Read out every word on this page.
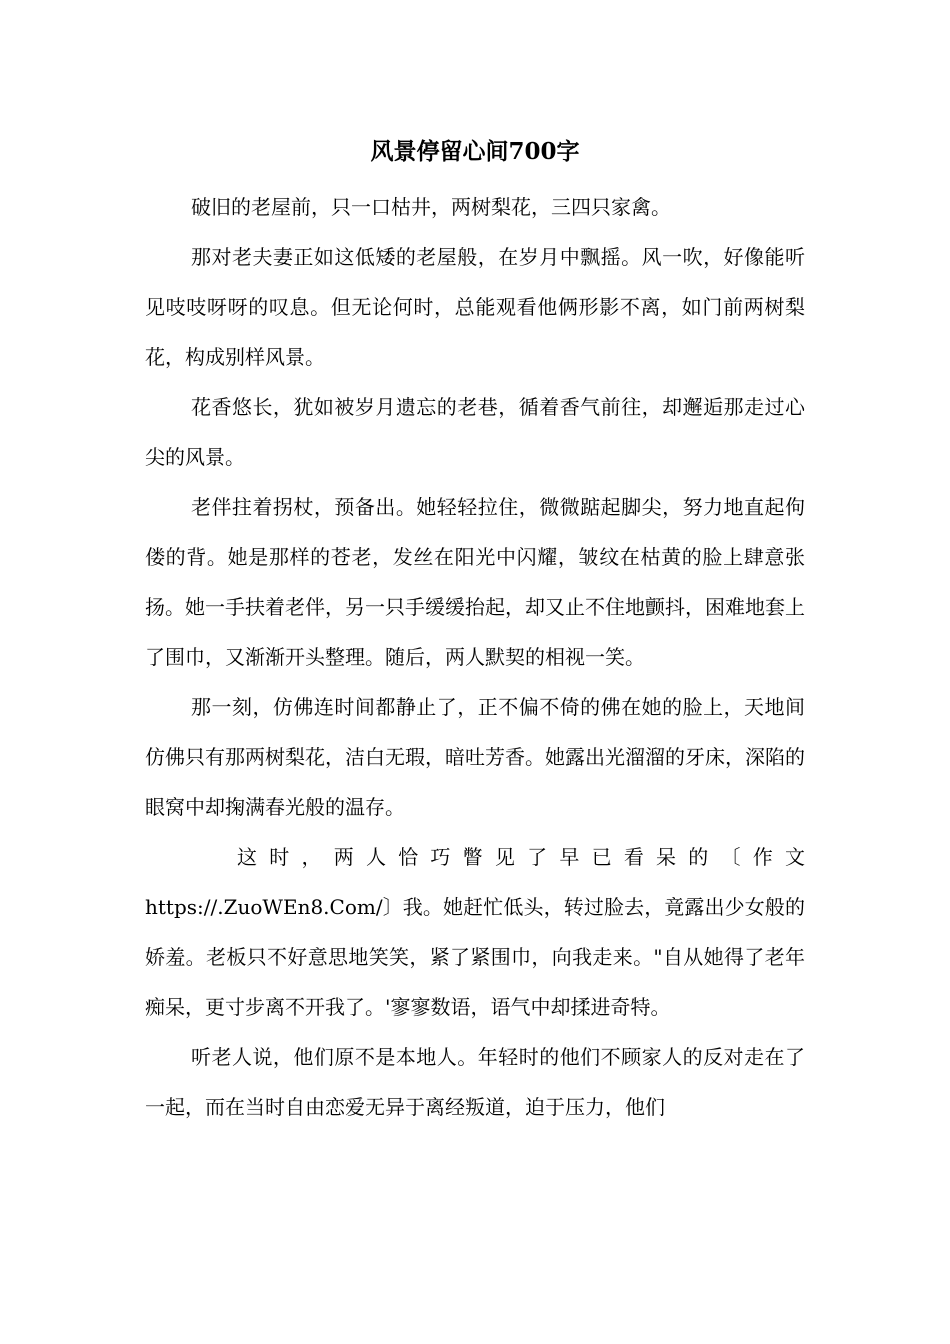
风景停留心间700字

破旧的老屋前，只一口枯井，两树梨花，三四只家禽。

那对老夫妻正如这低矮的老屋般，在岁月中飘摇。风一吹，好像能听见吱吱呀呀的叹息。但无论何时，总能观看他俩形影不离，如门前两树梨花，构成别样风景。

花香悠长，犹如被岁月遗忘的老巷，循着香气前往，却邂逅那走过心尖的风景。

老伴拄着拐杖，预备出。她轻轻拉住，微微踮起脚尖，努力地直起佝偻的背。她是那样的苍老，发丝在阳光中闪耀，皱纹在枯黄的脸上肆意张扬。她一手扶着老伴，另一只手缓缓抬起，却又止不住地颤抖，困难地套上了围巾，又渐渐开头整理。随后，两人默契的相视一笑。

那一刻，仿佛连时间都静止了，正不偏不倚的佛在她的脸上，天地间仿佛只有那两树梨花，洁白无瑕，暗吐芳香。她露出光溜溜的牙床，深陷的眼窝中却掬满春光般的温存。

这时，两人恰巧瞥见了早已看呆的〔作文
https://.ZuoWEn8.Com/〕我。她赶忙低头，转过脸去，竟露出少女般的娇羞。老板只不好意思地笑笑，紧了紧围巾，向我走来。"自从她得了老年痴呆，更寸步离不开我了。'寥寥数语，语气中却揉进奇特。

听老人说，他们原不是本地人。年轻时的他们不顾家人的反对走在了一起，而在当时自由恋爱无异于离经叛道，迫于压力，他们
